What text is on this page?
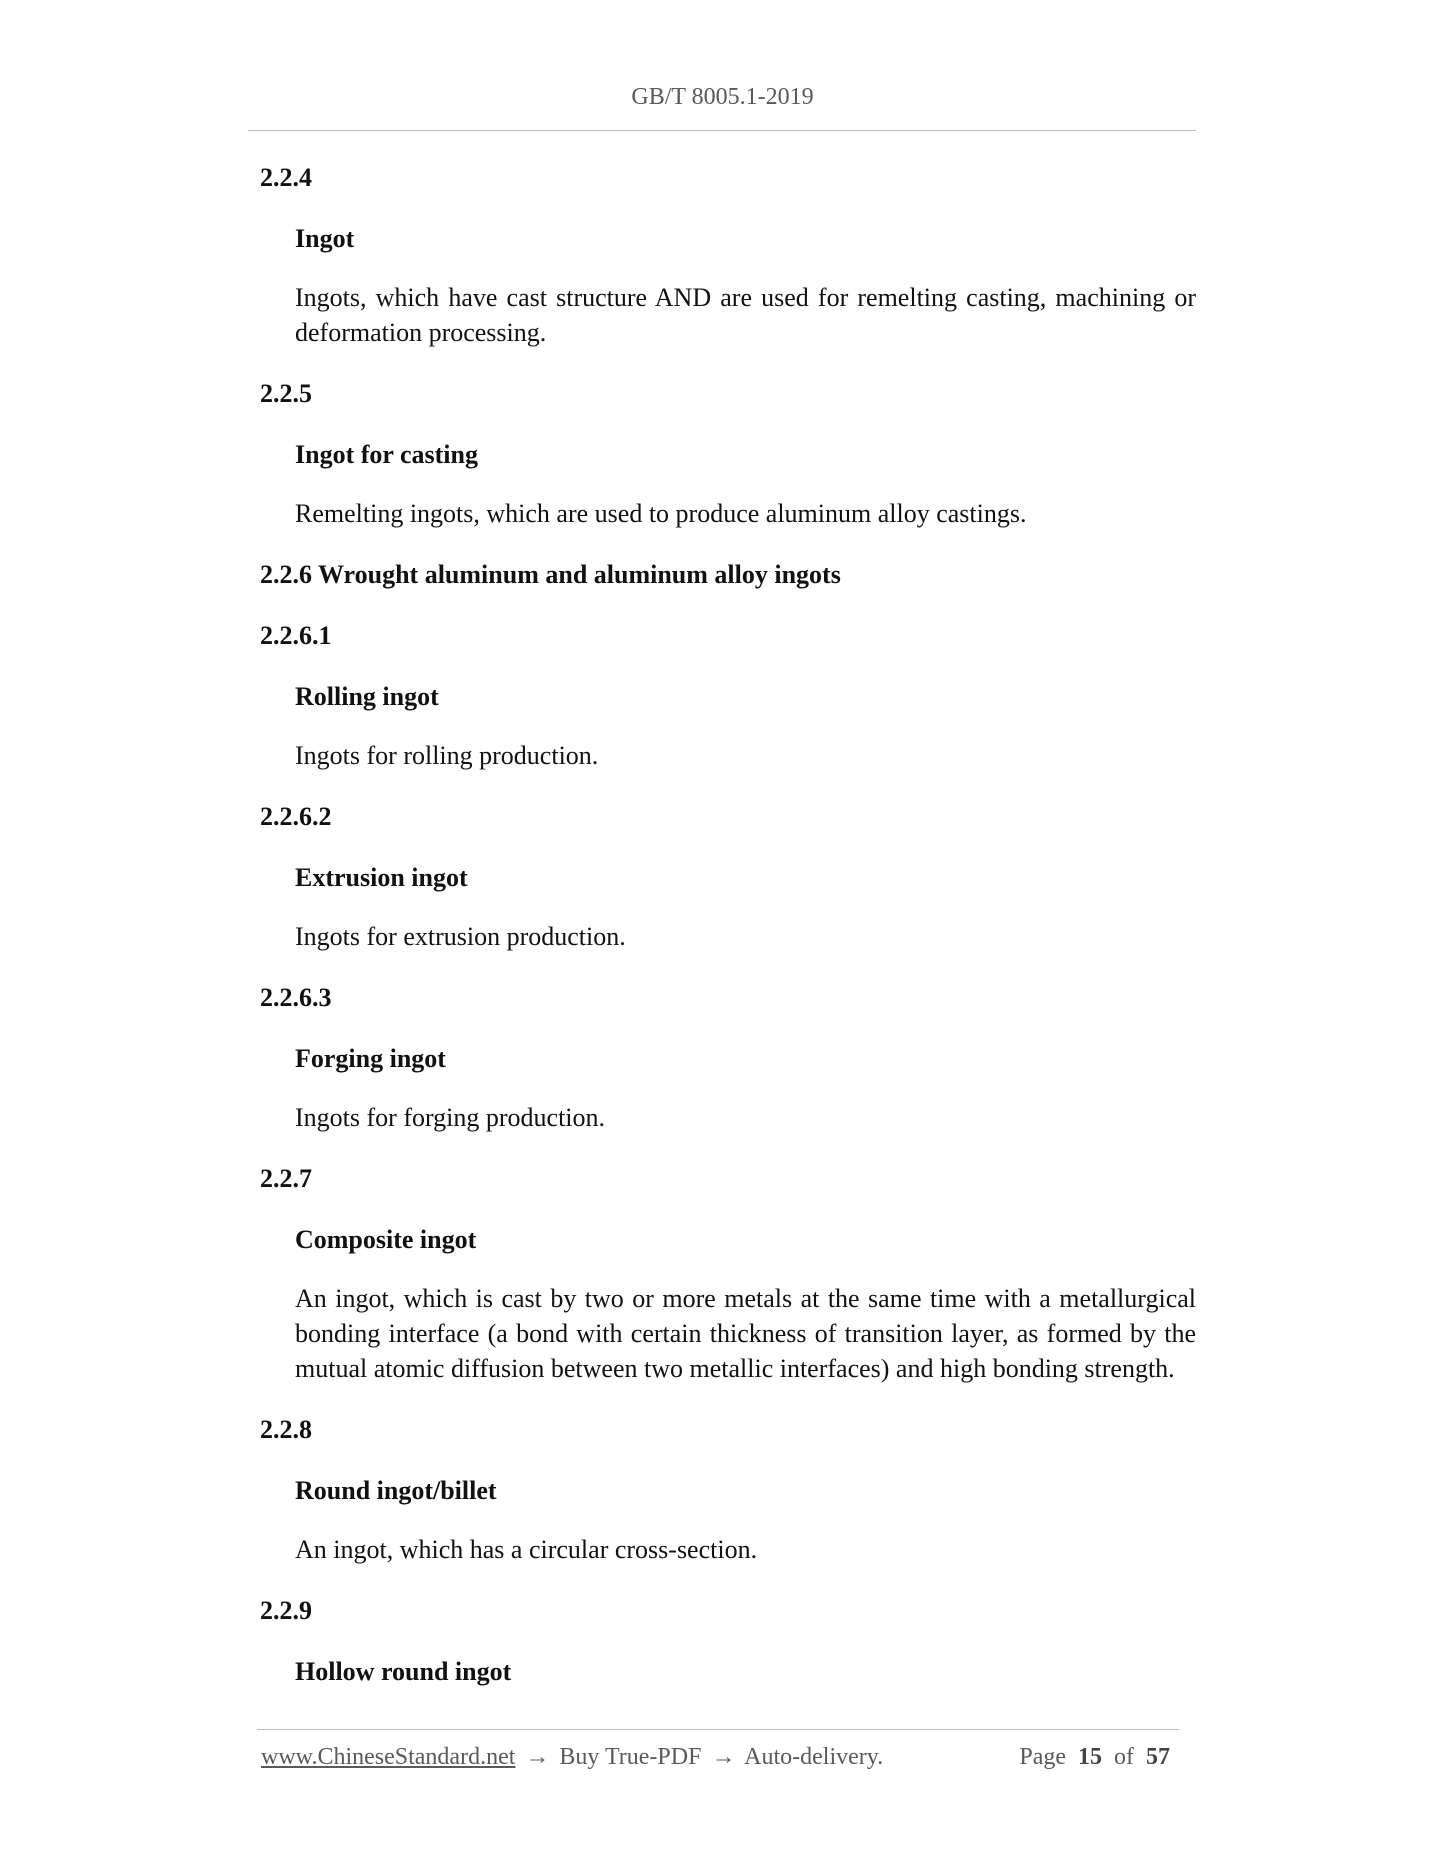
GB/T 8005.1-2019
2.2.4
Ingot
Ingots, which have cast structure AND are used for remelting casting, machining or deformation processing.
2.2.5
Ingot for casting
Remelting ingots, which are used to produce aluminum alloy castings.
2.2.6 Wrought aluminum and aluminum alloy ingots
2.2.6.1
Rolling ingot
Ingots for rolling production.
2.2.6.2
Extrusion ingot
Ingots for extrusion production.
2.2.6.3
Forging ingot
Ingots for forging production.
2.2.7
Composite ingot
An ingot, which is cast by two or more metals at the same time with a metallurgical bonding interface (a bond with certain thickness of transition layer, as formed by the mutual atomic diffusion between two metallic interfaces) and high bonding strength.
2.2.8
Round ingot/billet
An ingot, which has a circular cross-section.
2.2.9
Hollow round ingot
www.ChineseStandard.net → Buy True-PDF → Auto-delivery.	Page 15 of 57
